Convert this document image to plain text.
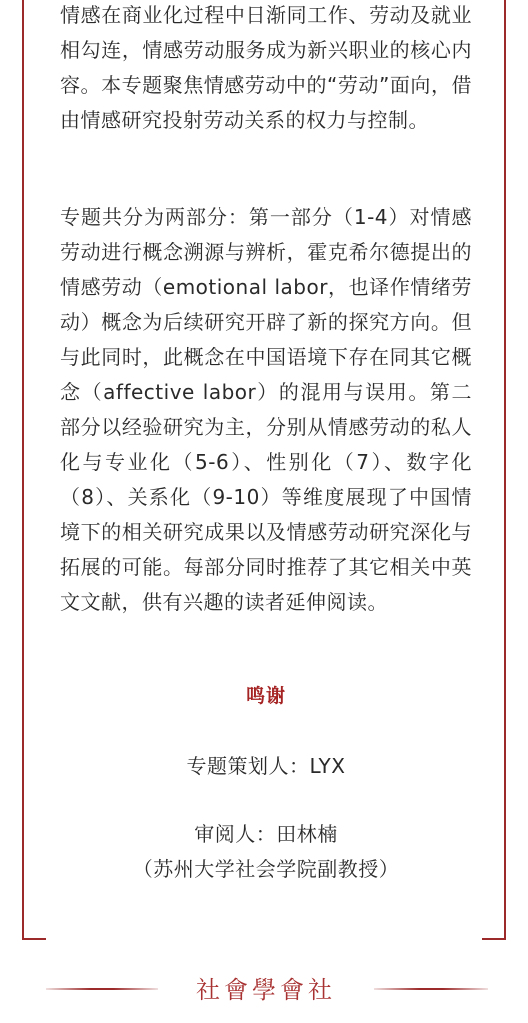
情感在商业化过程中日渐同工作、劳动及就业相勾连，情感劳动服务成为新兴职业的核心内容。本专题聚焦情感劳动中的“劳动”面向，借由情感研究投射劳动关系的权力与控制。

专题共分为两部分：第一部分（1-4）对情感劳动进行概念溯源与辨析，霍克希尔德提出的情感劳动（emotional labor，也译作情绪劳动）概念为后续研究开辟了新的探究方向。但与此同时，此概念在中国语境下存在同其它概念（affective labor）的混用与误用。第二部分以经验研究为主，分别从情感劳动的私人化与专业化（5-6）、性别化（7）、数字化（8）、关系化（9-10）等维度展现了中国情境下的相关研究成果以及情感劳动研究深化与拓展的可能。每部分同时推荐了其它相关中英文文献，供有兴趣的读者延伸阅读。

鸣谢
专题策划人：LYX
审阅人：田林楠
（苏州大学社会学院副教授）
社會學會社
